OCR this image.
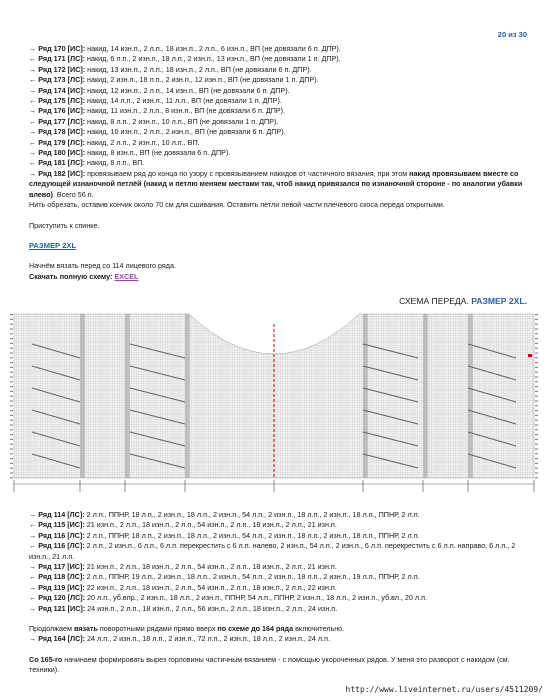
20 из 30
→ Ряд 170 [ИС]: накид, 14 изн.п., 2 л.п., 18 изн.п., 2 л.п., 6 изн.п., ВП (не довязали 6 п. ДПР).
← Ряд 171 [ЛС]: накид, 6 л.п., 2 изн.п., 18 л.п., 2 изн.п., 13 изн.п., ВП (не довязали 1 п. ДПР).
→ Ряд 172 [ИС]: накид, 13 изн.п., 2 л.п., 18 изн.п., 2 л.п., ВП (не довязали 6 п. ДПР).
← Ряд 173 [ЛС]: накид, 2 изн.п., 18 л.п., 2 изн.п., 12 изн.п., ВП (не довязали 1 п. ДПР).
→ Ряд 174 [ИС]: накид, 12 изн.п., 2 л.п., 14 изн.п., ВП (не довязали 6 п. ДПР).
← Ряд 175 [ЛС]: накид, 14 л.п., 2 изн.п., 11 л.п., ВП (не довязали 1 п. ДПР).
→ Ряд 176 [ИС]: накид, 11 изн.п., 2 л.п., 8 изн.п., ВП (не довязали 6 п. ДПР).
← Ряд 177 [ЛС]: накид, 8 л.п., 2 изн.п., 10 л.п., ВП (не довязали 1 п. ДПР).
→ Ряд 178 [ИС]: накид, 10 изн.п., 2 л.п., 2 изн.п., ВП (не довязали 6 п. ДПР).
← Ряд 179 [ЛС]: накид, 2 л.п., 2 изн.п., 10 л.п., ВП.
→ Ряд 180 [ИС]: накид, 8 изн.п., ВП (не довязали 6 п. ДПР).
← Ряд 181 [ЛС]: накид, 8 л.п., ВП.
→ Ряд 182 [ИС]: провязываем ряд до конца по узору с провязыванием накидов от частичного вязания, при этом накид провязываем вместе со следующей изнаночной петлёй (накид и петлю меняем местами так, чтоб накид привязался по изнаночной стороне - по аналогии убавки влево). Всего 56 п.
Нить обрезать, оставив кончик около 70 см для сшивания. Оставить петли левой части плечевого скоса переда открытыми.
Приступить к спинке.
РАЗМЕР 2XL
Начнём вязать перед со 114 лицевого ряда.
Скачать полную схему: EXCEL
СХЕМА ПЕРЕДА. РАЗМЕР 2XL.
→ Ряд 114 [ЛС]: 2 л.п., ППНР, 18 л.п., 2 изн.п., 18 л.п., 2 изн.п., 54 л.п., 2 изн.п., 18 л.п., 2 изн.п., 18 л.п., ППНР, 2 л.п.
← Ряд 115 [ИС]: 21 изн.п., 2 л.п., 18 изн.п., 2 л.п., 54 изн.п., 2 л.п., 18 изн.п., 2 л.п., 21 изн.п.
→ Ряд 116 [ЛС]: 2 л.п., ППНР, 18 л.п., 2 изн.п., 18 л.п., 2 изн.п., 54 л.п., 2 изн.п., 18 л.п., 2 изн.п., 18 л.п., ППНР, 2 л.п.
← Ряд 116 [ЛС]: 2 л.п., 2 изн.п., 6 л.п., 6 л.п. перекрестить с 6 л.п. налево, 2 изн.п., 54 л.п., 2 изн.п., 6 л.п. перекрестить с 6 л.п. направо, 6 л.п., 2 изн.п., 21 л.п.
→ Ряд 117 [ИС]: 21 изн.п., 2 л.п., 18 изн.п., 2 л.п., 54 изн.п., 2 л.п., 18 изн.п., 2 л.п., 21 изн.п.
← Ряд 118 [ЛС]: 2 л.п., ППНР, 19 л.п., 2 изн.п., 18 л.п., 2 изн.п., 54 л.п., 2 изн.п., 18 л.п., 2 изн.п., 19 л.п., ППНР, 2 л.п.
→ Ряд 119 [ИС]: 22 изн.п., 2 л.п., 18 изн.п., 2 л.п., 54 изн.п., 2 л.п., 18 изн.п., 2 л.п., 22 изн.п.
← Ряд 120 [ЛС]: 20 л.п., уб.впр., 2 изн.п., 18 л.п., 2 изн.п., ППНР, 54 л.п., ППНР, 2 изн.п., 18 л.п., 2 изн.п., уб.вл., 20 л.п.
→ Ряд 121 [ИС]: 24 изн.п., 2 л.п., 18 изн.п., 2 л.п., 56 изн.п., 2 л.п., 18 изн.п., 2 л.п., 24 изн.п.
Продолжаем вязать поворотными рядами прямо вверх по схеме до 164 ряда включительно.
→ Ряд 164 [ЛС]: 24 л.п., 2 изн.п., 18 л.п., 2 изн.п., 72 л.п., 2 изн.п., 18 л.п., 2 изн.п., 24 л.п.
Со 165-го начинаем формировать вырез горловины частичным вязанием - с помощью укороченных рядов. У меня это разворот с накидом (см. техники).
http://www.liveinternet.ru/users/4511209/
